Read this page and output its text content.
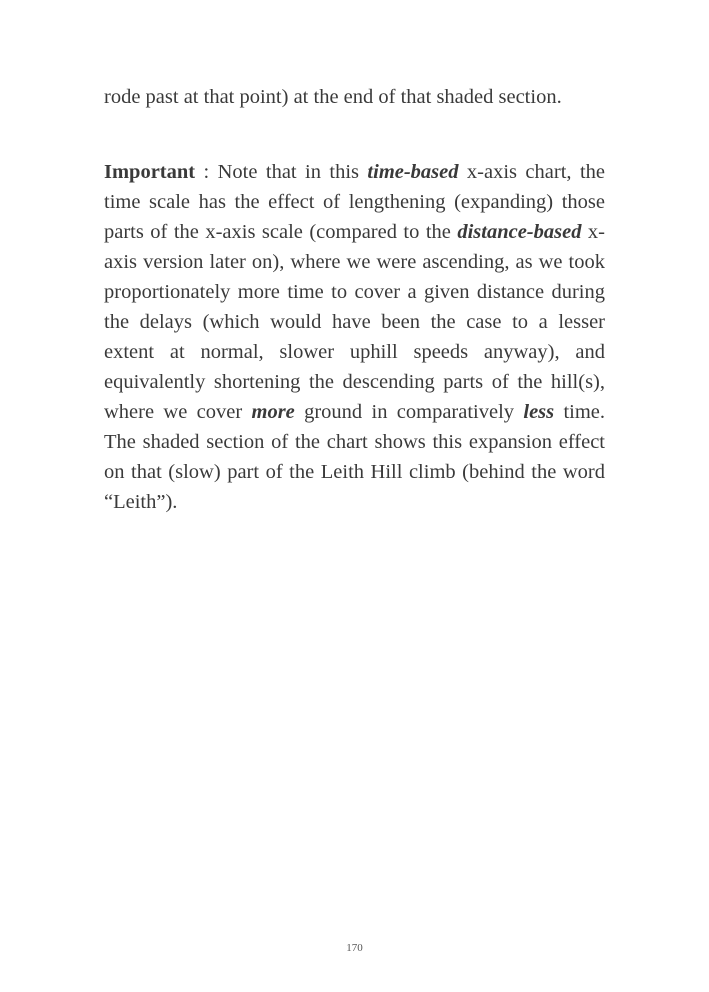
rode past at that point) at the end of that shaded section.

Important : Note that in this time-based x-axis chart, the time scale has the effect of lengthening (expanding) those parts of the x-axis scale (compared to the distance-based x-axis version later on), where we were ascending, as we took proportionately more time to cover a given distance during the delays (which would have been the case to a lesser extent at normal, slower uphill speeds anyway), and equivalently shortening the descending parts of the hill(s), where we cover more ground in comparatively less time. The shaded section of the chart shows this expansion effect on that (slow) part of the Leith Hill climb (behind the word “Leith”).

170
